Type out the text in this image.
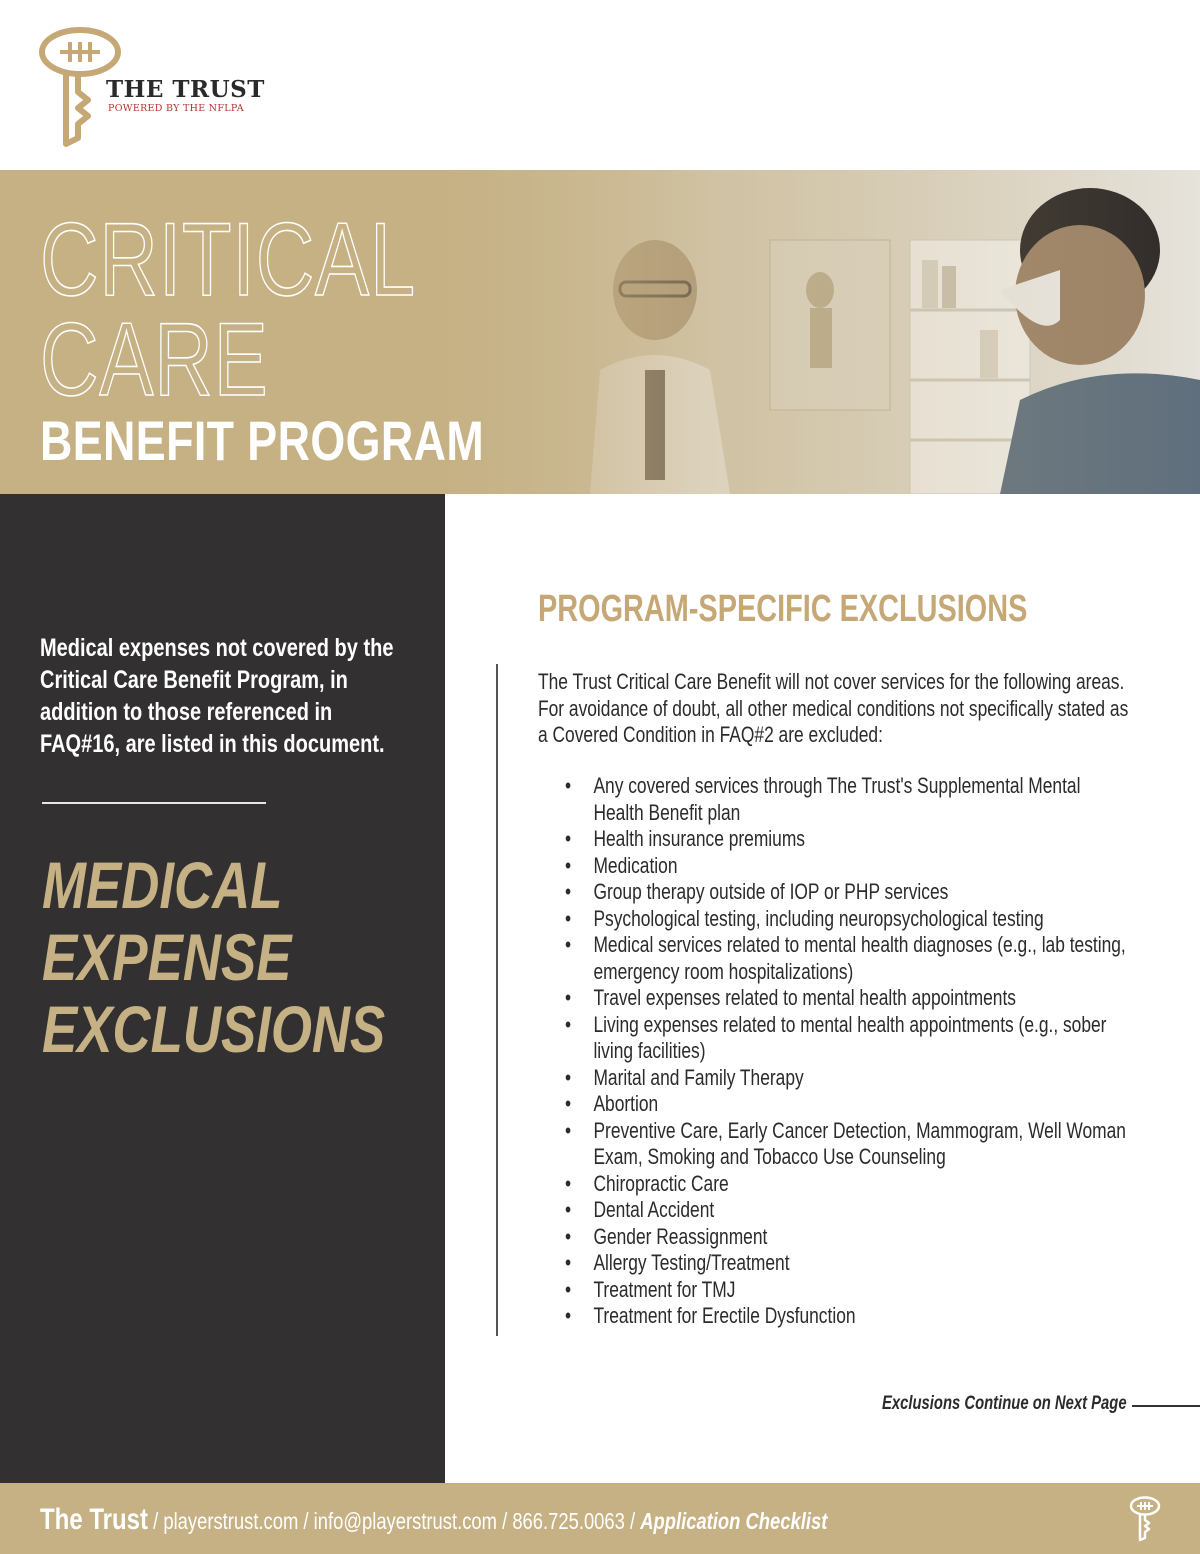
THE TRUST
POWERED BY THE NFLPA
CRITICAL
CARE
BENEFIT PROGRAM
Medical expenses not covered by the Critical Care Benefit Program, in addition to those referenced in FAQ#16, are listed in this document.
MEDICAL
EXPENSE
EXCLUSIONS
PROGRAM-SPECIFIC EXCLUSIONS
The Trust Critical Care Benefit will not cover services for the following areas. For avoidance of doubt, all other medical conditions not specifically stated as a Covered Condition in FAQ#2 are excluded:
• Any covered services through The Trust's Supplemental Mental Health Benefit plan
• Health insurance premiums
• Medication
• Group therapy outside of IOP or PHP services
• Psychological testing, including neuropsychological testing
• Medical services related to mental health diagnoses (e.g., lab testing, emergency room hospitalizations)
• Travel expenses related to mental health appointments
• Living expenses related to mental health appointments (e.g., sober living facilities)
• Marital and Family Therapy
• Abortion
• Preventive Care, Early Cancer Detection, Mammogram, Well Woman Exam, Smoking and Tobacco Use Counseling
• Chiropractic Care
• Dental Accident
• Gender Reassignment
• Allergy Testing/Treatment
• Treatment for TMJ
• Treatment for Erectile Dysfunction
Exclusions Continue on Next Page
The Trust / playerstrust.com / info@playerstrust.com / 866.725.0063 / Application Checklist
